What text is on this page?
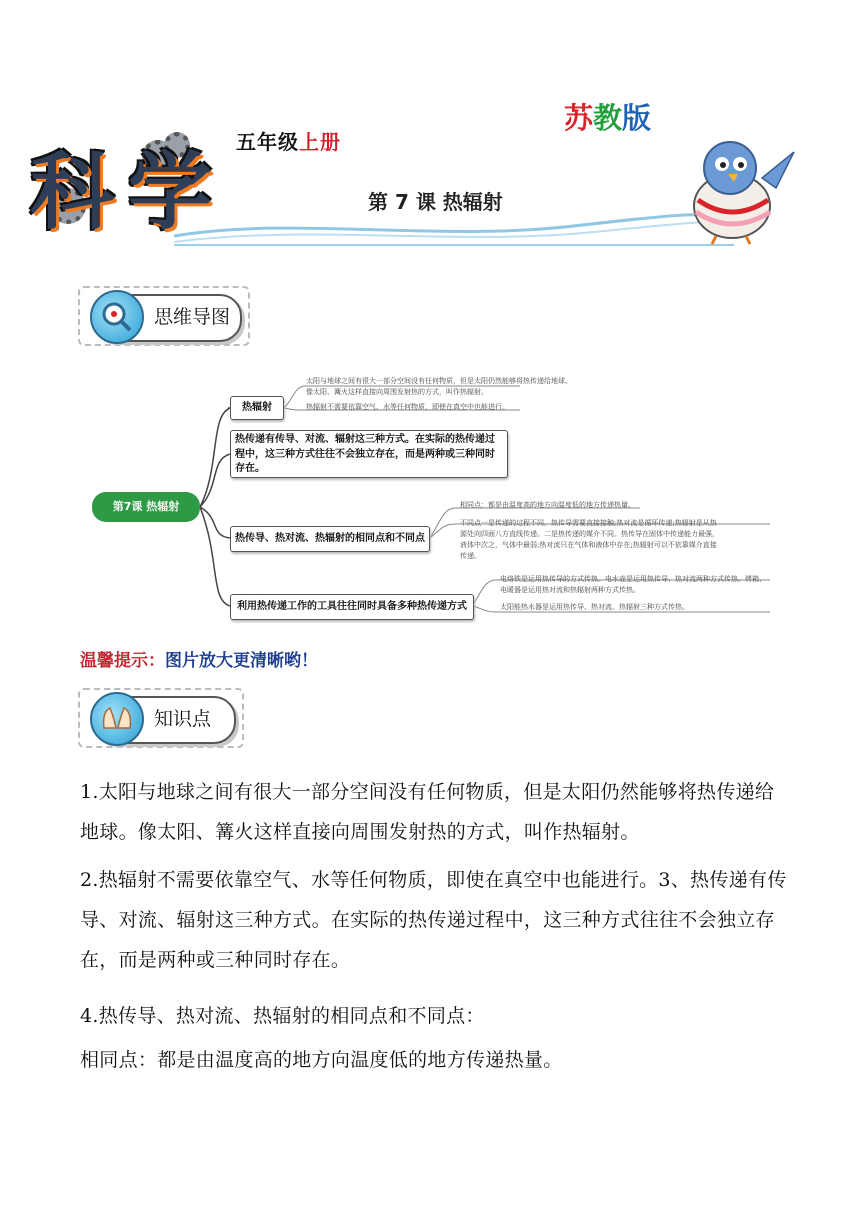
科 学
五年级上册
苏教版
第 7 课 热辐射
思维导图
第7课 热辐射
热辐射
太阳与地球之间有很大一部分空间没有任何物质，但是太阳仍然能够将热传递给地球。像太阳、篝火这样直接向周围发射热的方式，叫作热辐射。
热辐射不需要依靠空气、水等任何物质，即使在真空中也能进行。
热传递有传导、对流、辐射这三种方式。在实际的热传递过程中，这三种方式往往不会独立存在，而是两种或三种同时存在。
热传导、热对流、热辐射的相同点和不同点
相同点：都是由温度高的地方向温度低的地方传递热量。
不同点一是传递的过程不同。热传导需要直接接触;热对流是循环传递;热辐射是从热源处向四面八方直线传递。二是热传递的媒介不同。热传导在固体中传递能力最强，液体中次之，气体中最弱;热对流只在气体和液体中存在;热辐射可以不依靠媒介直接传递。
利用热传递工作的工具往往同时具备多种热传递方式
电烙铁是运用热传导的方式传热。电水壶是运用热传导、热对流两种方式传热。烤箱、电暖器是运用热对流和热辐射两种方式传热。
太阳能热水器是运用热传导、热对流、热辐射三种方式传热。
温馨提示：图片放大更清晰哟！
知识点

1.太阳与地球之间有很大一部分空间没有任何物质，但是太阳仍然能够将热传递给地球。像太阳、篝火这样直接向周围发射热的方式，叫作热辐射。

2.热辐射不需要依靠空气、水等任何物质，即使在真空中也能进行。3、热传递有传导、对流、辐射这三种方式。在实际的热传递过程中，这三种方式往往不会独立存在，而是两种或三种同时存在。

4.热传导、热对流、热辐射的相同点和不同点：

相同点：都是由温度高的地方向温度低的地方传递热量。
